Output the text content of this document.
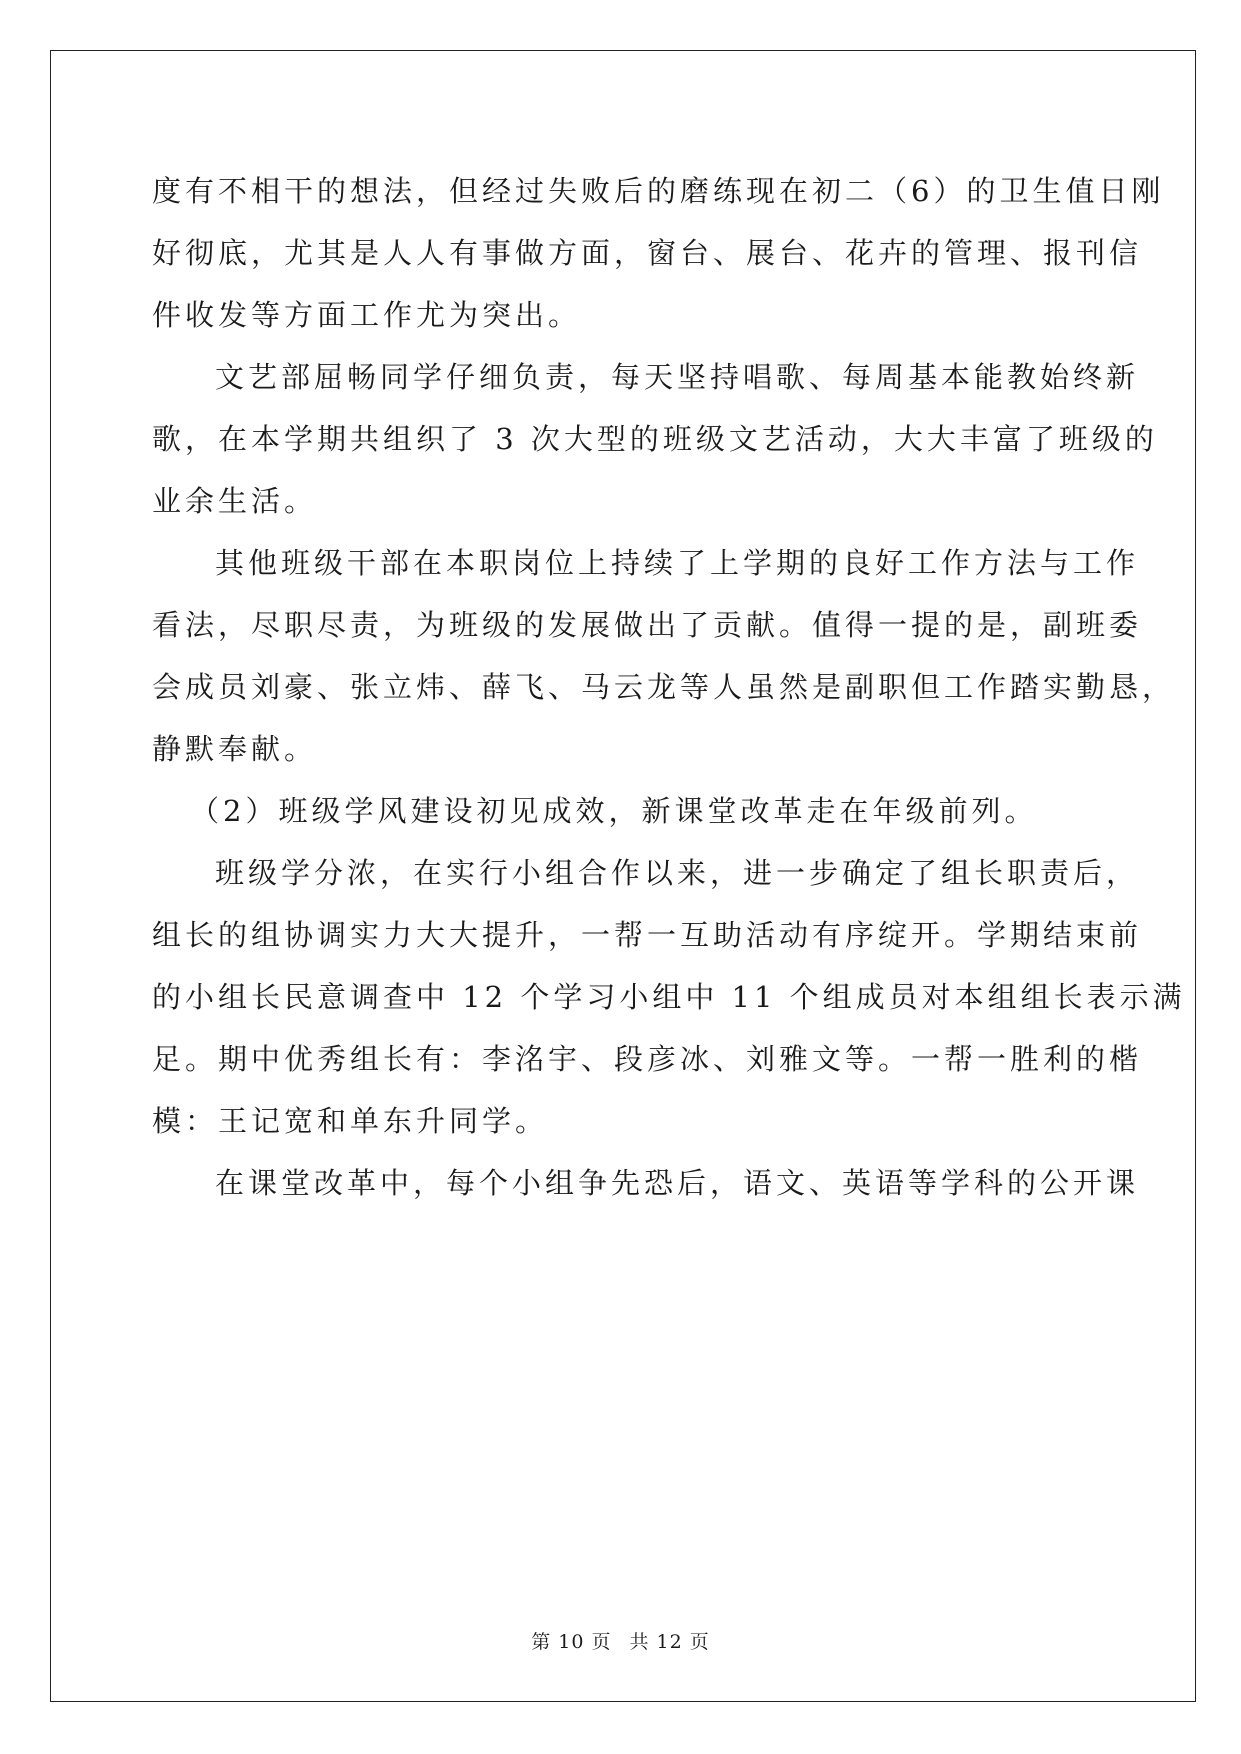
度有不相干的想法，但经过失败后的磨练现在初二（6）的卫生值日刚
好彻底，尤其是人人有事做方面，窗台、展台、花卉的管理、报刊信
件收发等方面工作尤为突出。
文艺部屈畅同学仔细负责，每天坚持唱歌、每周基本能教始终新
歌，在本学期共组织了 3 次大型的班级文艺活动，大大丰富了班级的
业余生活。
其他班级干部在本职岗位上持续了上学期的良好工作方法与工作
看法，尽职尽责，为班级的发展做出了贡献。值得一提的是，副班委
会成员刘豪、张立炜、薛飞、马云龙等人虽然是副职但工作踏实勤恳，
静默奉献。
（2）班级学风建设初见成效，新课堂改革走在年级前列。
班级学分浓，在实行小组合作以来，进一步确定了组长职责后，
组长的组协调实力大大提升，一帮一互助活动有序绽开。学期结束前
的小组长民意调查中 12 个学习小组中 11 个组成员对本组组长表示满
足。期中优秀组长有：李洺宇、段彦冰、刘雅文等。一帮一胜利的楷
模：王记宽和单东升同学。
在课堂改革中，每个小组争先恐后，语文、英语等学科的公开课
第 10 页 共 12 页
